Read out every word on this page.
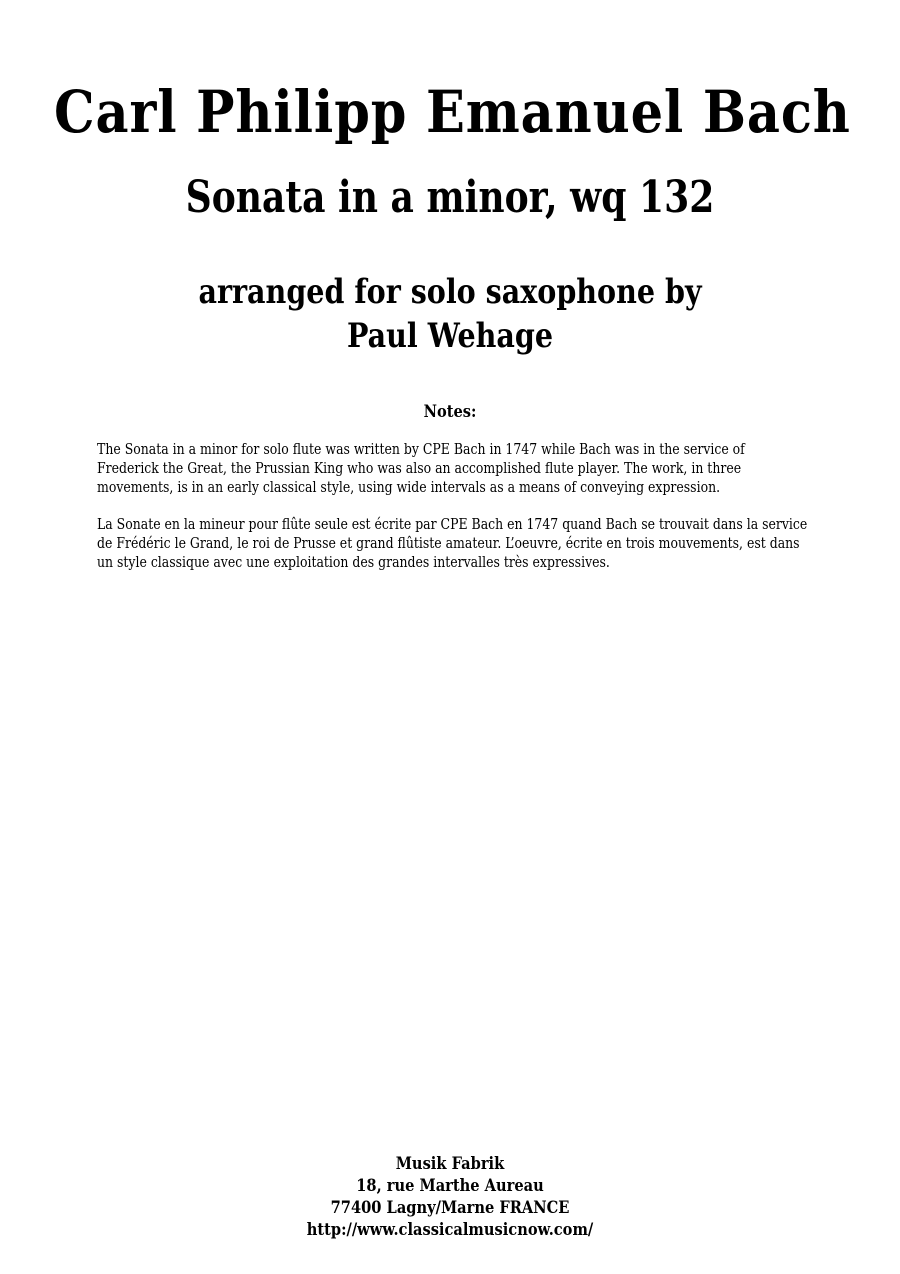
Carl Philipp Emanuel Bach
Sonata in a minor, wq 132
arranged for solo saxophone by
Paul Wehage
Notes:
The Sonata in a minor for solo flute was written by CPE Bach in 1747 while Bach was in the service of
Frederick the Great, the Prussian King who was also an accomplished flute player. The work, in three
movements, is in an early classical style, using wide intervals as a means of conveying expression.
La Sonate en la mineur pour flûte seule est écrite par CPE Bach en 1747 quand Bach se trouvait dans la service
de Frédéric le Grand, le roi de Prusse et grand flûtiste amateur. L’oeuvre, écrite en trois mouvements, est dans
un style classique avec une exploitation des grandes intervalles très expressives.
Musik Fabrik
18, rue Marthe Aureau
77400 Lagny/Marne FRANCE
http://www.classicalmusicnow.com/
